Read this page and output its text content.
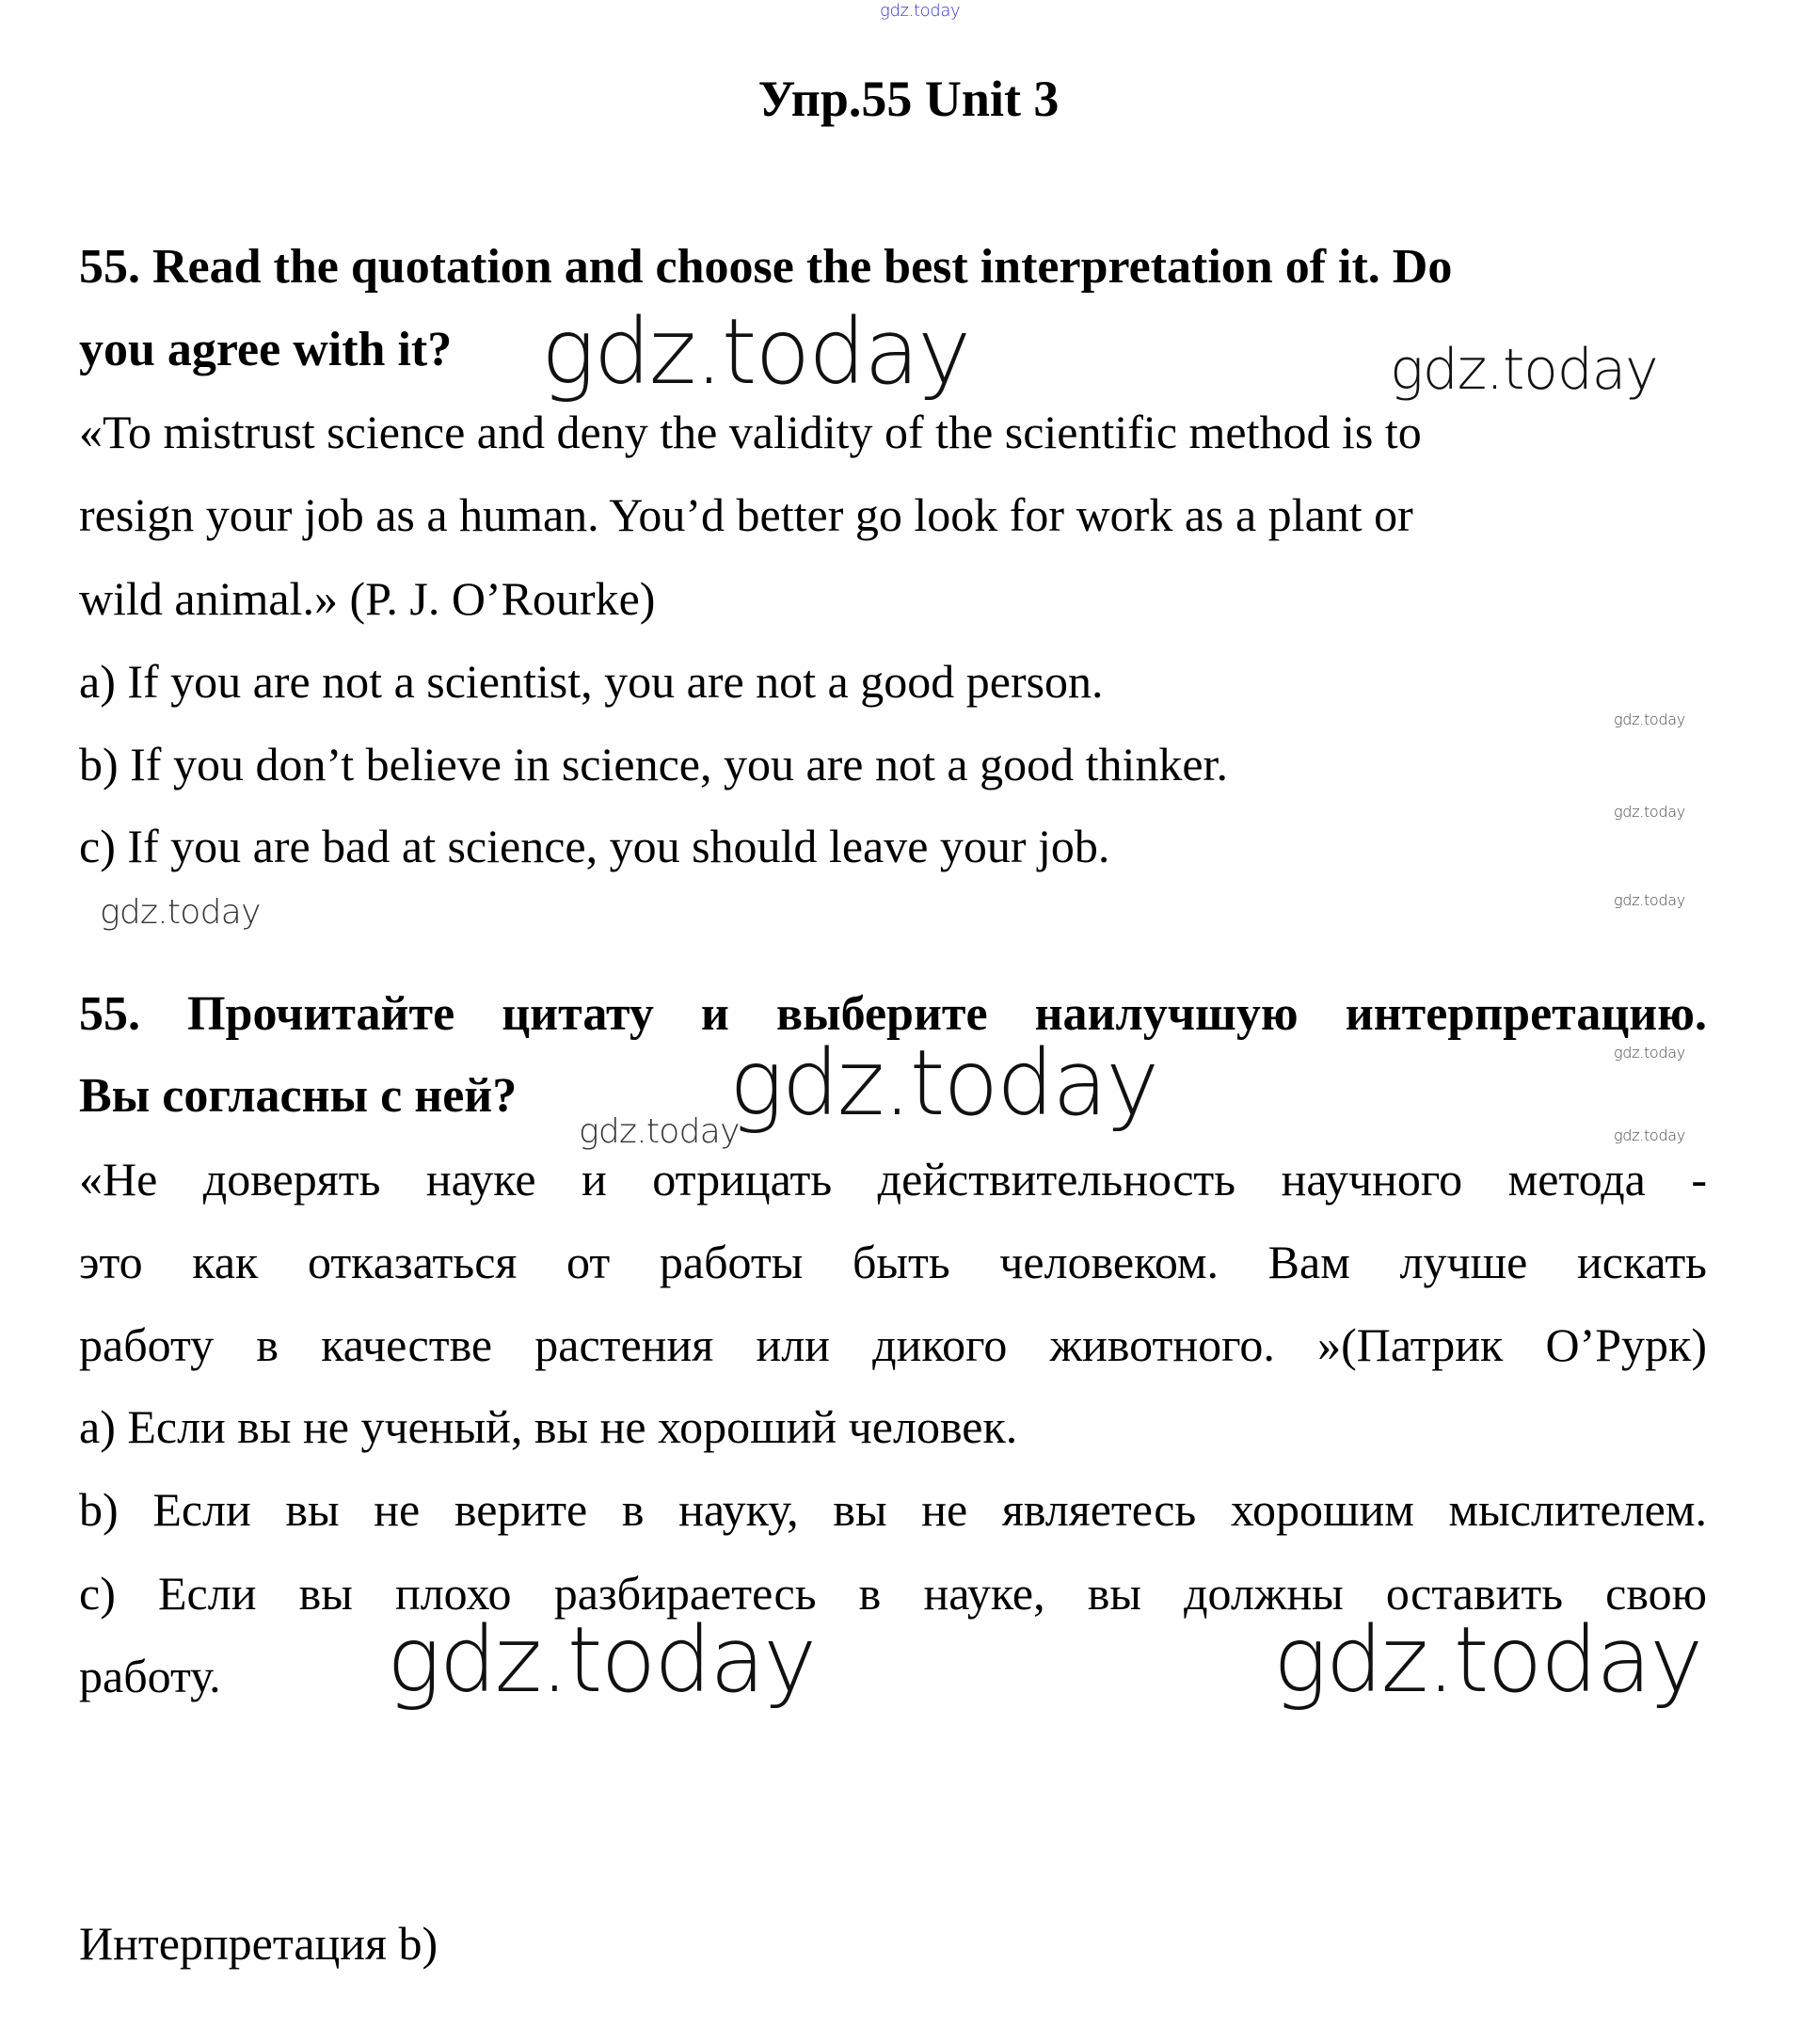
gdz.today
Упр.55 Unit 3
55. Read the quotation and choose the best interpretation of it. Do
you agree with it?
«To mistrust science and deny the validity of the scientific method is to
resign your job as a human. You’d better go look for work as a plant or
wild animal.» (P. J. O’Rourke)
a) If you are not a scientist, you are not a good person.
b) If you don’t believe in science, you are not a good thinker.
c) If you are bad at science, you should leave your job.
55. Прочитайте цитату и выберите наилучшую интерпретацию.
Вы согласны с ней?
«Не доверять науке и отрицать действительность научного метода -
это как отказаться от работы быть человеком. Вам лучше искать
работу в качестве растения или дикого животного. »(Патрик О’Рурк)
a) Если вы не ученый, вы не хороший человек.
b) Если вы не верите в науку, вы не являетесь хорошим мыслителем.
c) Если вы плохо разбираетесь в науке, вы должны оставить свою
работу.
Интерпретация b)
gdz.today	gdz.today
gdz.today
gdz.today
gdz.today
gdz.today
gdz.today
gdz.today
gdz.today	gdz.today
gdz.today	gdz.today
